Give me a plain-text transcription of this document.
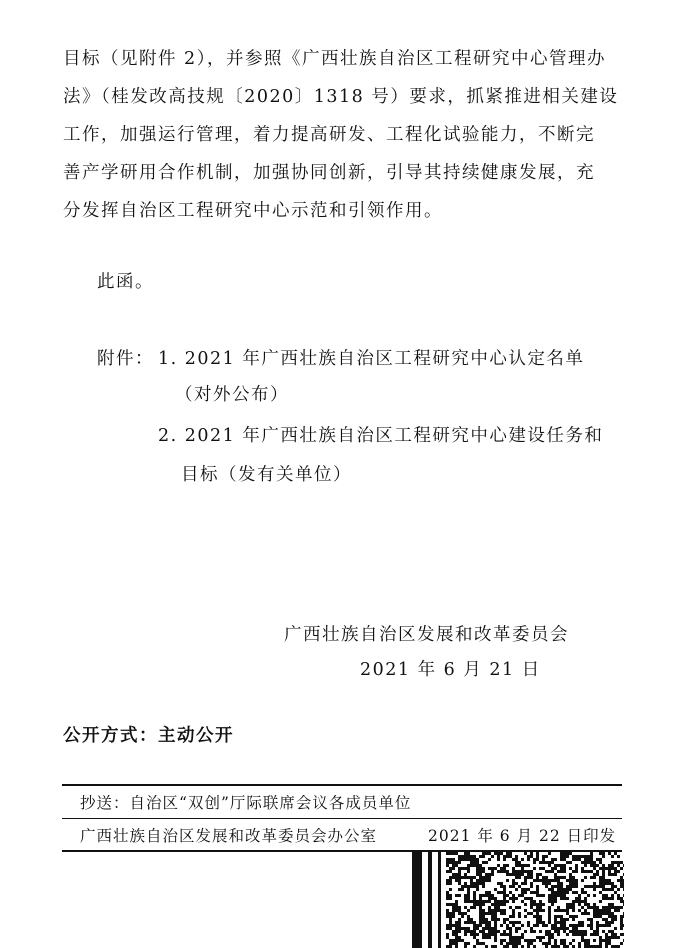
目标（见附件 2），并参照《广西壮族自治区工程研究中心管理办
法》（桂发改高技规〔2020〕1318 号）要求，抓紧推进相关建设
工作，加强运行管理，着力提高研发、工程化试验能力，不断完
善产学研用合作机制，加强协同创新，引导其持续健康发展，充
分发挥自治区工程研究中心示范和引领作用。
此函。
附件： 1. 2021 年广西壮族自治区工程研究中心认定名单
（对外公布）
2. 2021 年广西壮族自治区工程研究中心建设任务和
目标（发有关单位）
广西壮族自治区发展和改革委员会
2021 年 6 月 21 日
公开方式：主动公开
抄送：自治区“双创”厅际联席会议各成员单位
广西壮族自治区发展和改革委员会办公室	2021 年 6 月 22 日印发
